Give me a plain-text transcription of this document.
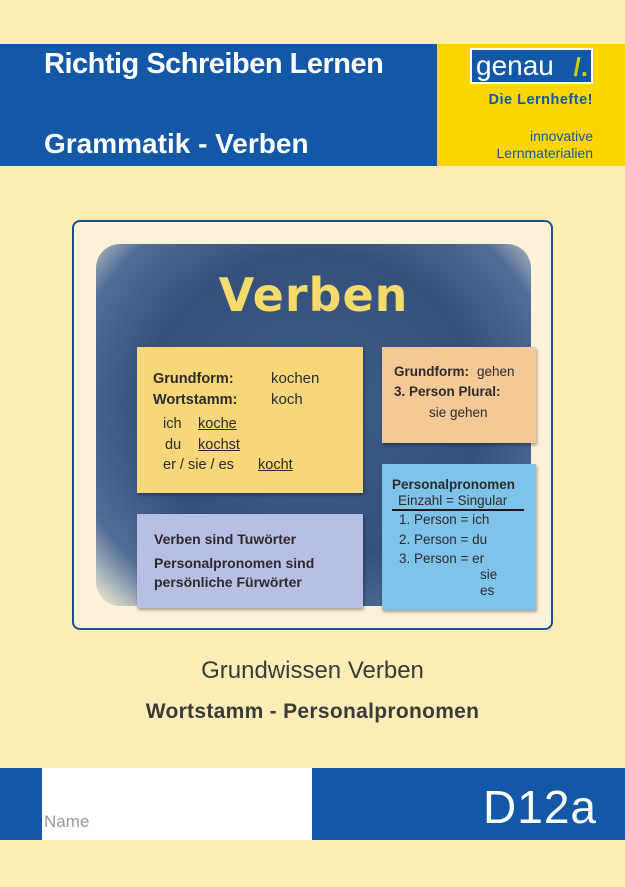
Richtig Schreiben Lernen
Grammatik - Verben
genau /.
Die Lernhefte!
innovative
Lernmaterialien
Verben
Grundform: kochen
Wortstamm: koch
ich koche
du kochst
er / sie / es kocht
Grundform: gehen
3. Person Plural:
sie gehen
Verben sind Tuwörter
Personalpronomen sind
persönliche Fürwörter
Personalpronomen
Einzahl = Singular
1. Person = ich
2. Person = du
3. Person = er
sie
es
Grundwissen Verben
Wortstamm - Personalpronomen
Name	D12a
